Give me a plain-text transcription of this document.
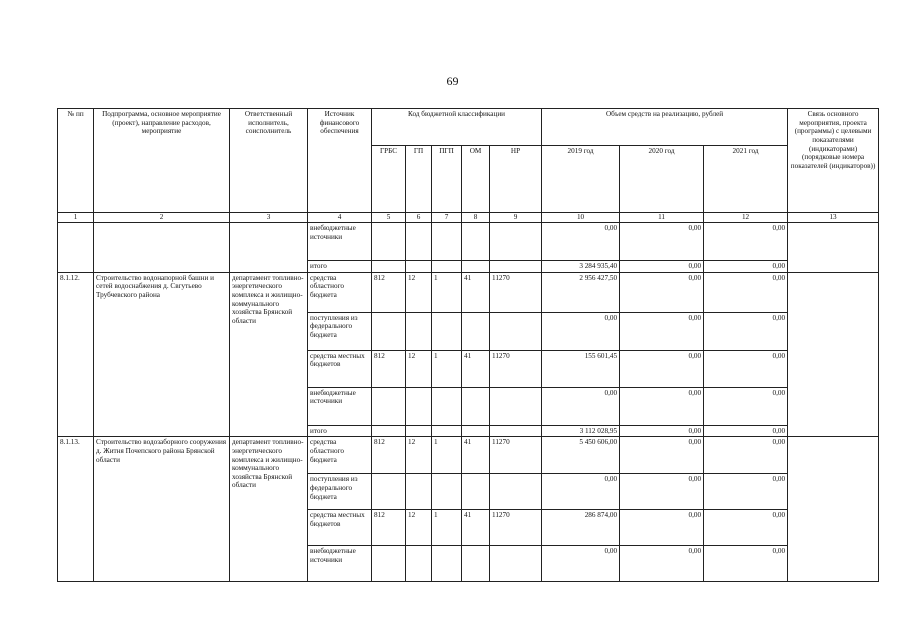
69
№ пп	Подпрограмма, основное мероприятие (проект), направление расходов, мероприятие	Ответственный исполнитель, соисполнитель	Источник финансового обеспечения	Код бюджетной классификации					Объем средств на реализацию, рублей			Связь основного мероприятия, проекта (программы) с целевыми показателями (индикаторами) (порядковые номера показателей (индикаторов))
				ГРБС	ГП	ПГП	ОМ	НР	2019 год	2020 год	2021 год	
1	2	3	4	5	6	7	8	9	10	11	12	13
			внебюджетные источники						0,00	0,00	0,00	
			итого						3 284 935,40	0,00	0,00	
8.1.12.	Строительство водонапорной башни и сетей водоснабжения д. Свгутьево Трубчевского района	департамент топливно-энергетического комплекса и жилищно-коммунального хозяйства Брянской области	средства областного бюджета	812	12	1	41	11270	2 956 427,50	0,00	0,00	
			поступления из федерального бюджета						0,00	0,00	0,00	
			средства местных бюджетов	812	12	1	41	11270	155 601,45	0,00	0,00	
			внебюджетные источники						0,00	0,00	0,00	
			итого						3 112 028,95	0,00	0,00	
8.1.13.	Строительство водозаборного сооружения д. Житня Почепского района Брянской области	департамент топливно-энергетического комплекса и жилищно-коммунального хозяйства Брянской области	средства областного бюджета	812	12	1	41	11270	5 450 606,00	0,00	0,00	
			поступления из федерального бюджета						0,00	0,00	0,00	
			средства местных бюджетов	812	12	1	41	11270	286 874,00	0,00	0,00	
			внебюджетные источники						0,00	0,00	0,00	
